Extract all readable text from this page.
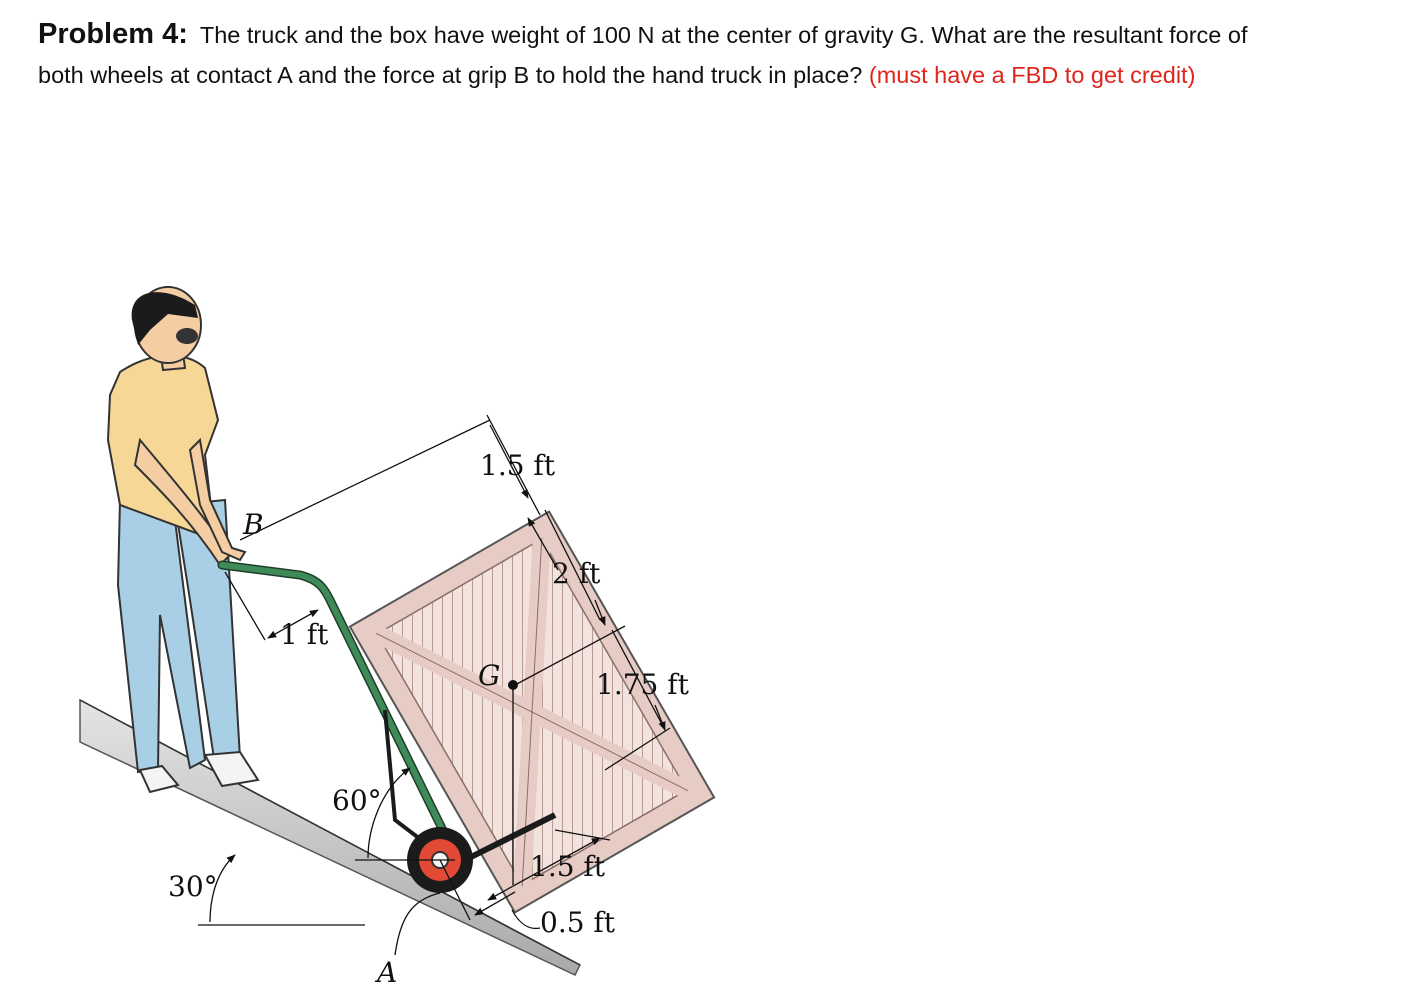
Problem 4: The truck and the box have weight of 100 N at the center of gravity G. What are the resultant force of both wheels at contact A and the force at grip B to hold the hand truck in place? (must have a FBD to get credit)
B
G
A
1.5 ft
2 ft
1.75 ft
1 ft
1.5 ft
0.5 ft
60°
30°
